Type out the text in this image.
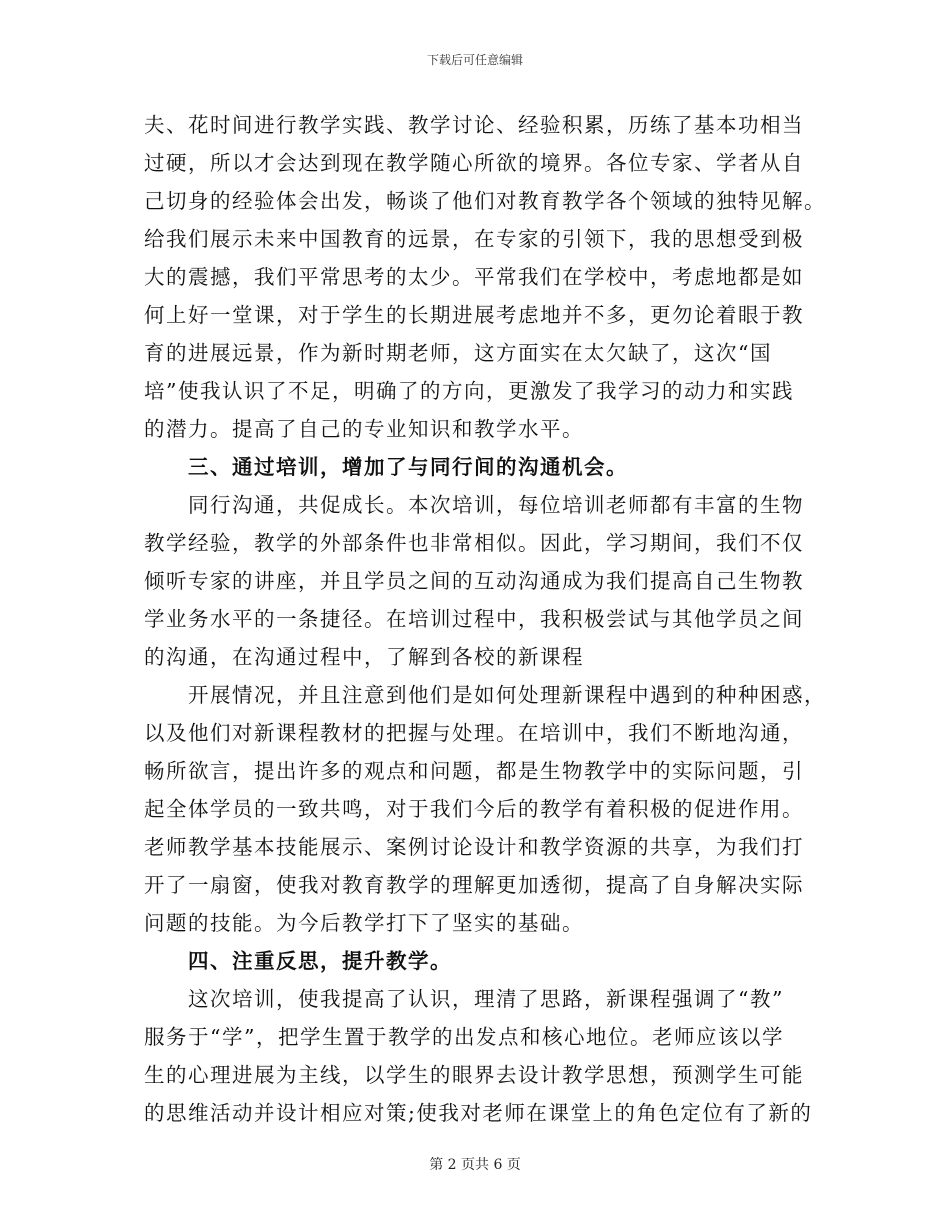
下载后可任意编辑
夫、花时间进行教学实践、教学讨论、经验积累，历练了基本功相当
过硬，所以才会达到现在教学随心所欲的境界。各位专家、学者从自
己切身的经验体会出发，畅谈了他们对教育教学各个领域的独特见解。
给我们展示未来中国教育的远景，在专家的引领下，我的思想受到极
大的震撼，我们平常思考的太少。平常我们在学校中，考虑地都是如
何上好一堂课，对于学生的长期进展考虑地并不多，更勿论着眼于教
育的进展远景，作为新时期老师，这方面实在太欠缺了，这次“国
培”使我认识了不足，明确了的方向，更激发了我学习的动力和实践
的潜力。提高了自己的专业知识和教学水平。
三、通过培训，增加了与同行间的沟通机会。
同行沟通，共促成长。本次培训，每位培训老师都有丰富的生物
教学经验，教学的外部条件也非常相似。因此，学习期间，我们不仅
倾听专家的讲座，并且学员之间的互动沟通成为我们提高自己生物教
学业务水平的一条捷径。在培训过程中，我积极尝试与其他学员之间
的沟通，在沟通过程中，了解到各校的新课程
开展情况，并且注意到他们是如何处理新课程中遇到的种种困惑，
以及他们对新课程教材的把握与处理。在培训中，我们不断地沟通，
畅所欲言，提出许多的观点和问题，都是生物教学中的实际问题，引
起全体学员的一致共鸣，对于我们今后的教学有着积极的促进作用。
老师教学基本技能展示、案例讨论设计和教学资源的共享，为我们打
开了一扇窗，使我对教育教学的理解更加透彻，提高了自身解决实际
问题的技能。为今后教学打下了坚实的基础。
四、注重反思，提升教学。
这次培训，使我提高了认识，理清了思路，新课程强调了“教”
服务于“学”，把学生置于教学的出发点和核心地位。老师应该以学
生的心理进展为主线，以学生的眼界去设计教学思想，预测学生可能
的思维活动并设计相应对策;使我对老师在课堂上的角色定位有了新的
第 2 页共 6 页
